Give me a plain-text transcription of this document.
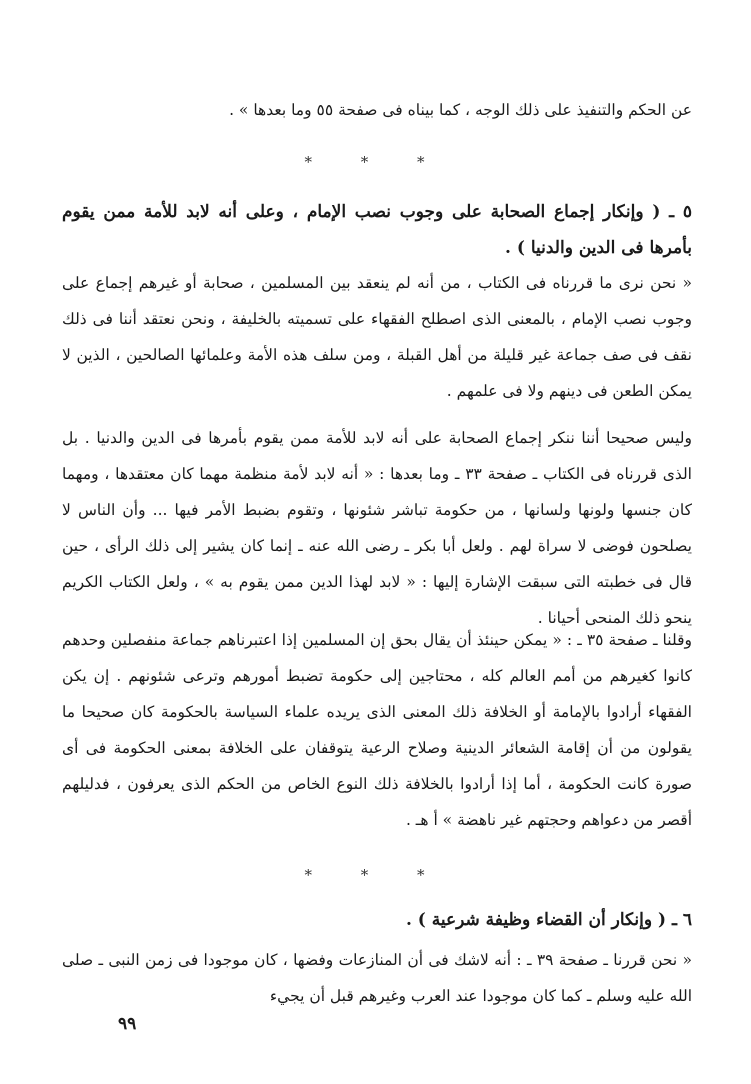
عن الحكم والتنفيذ على ذلك الوجه ، كما بيناه فى صفحة ٥٥ وما بعدها » .
* * *
٥ ـ ( وإنكار إجماع الصحابة على وجوب نصب الإمام ، وعلى أنه لابد للأمة ممن يقوم بأمرها فى الدين والدنيا ) .
« نحن نرى ما قررناه فى الكتاب ، من أنه لم ينعقد بين المسلمين ، صحابة أو غيرهم إجماع على وجوب نصب الإمام ، بالمعنى الذى اصطلح الفقهاء على تسميته بالخليفة ، ونحن نعتقد أننا فى ذلك نقف فى صف جماعة غير قليلة من أهل القبلة ، ومن سلف هذه الأمة وعلمائها الصالحين ، الذين لا يمكن الطعن فى دينهم ولا فى علمهم .
وليس صحيحا أننا ننكر إجماع الصحابة على أنه لابد للأمة ممن يقوم بأمرها فى الدين والدنيا . بل الذى قررناه فى الكتاب ـ صفحة ٣٣ ـ وما بعدها : « أنه لابد لأمة منظمة مهما كان معتقدها ، ومهما كان جنسها ولونها ولسانها ، من حكومة تباشر شئونها ، وتقوم بضبط الأمر فيها ... وأن الناس لا يصلحون فوضى لا سراة لهم . ولعل أبا بكر ـ رضى الله عنه ـ إنما كان يشير إلى ذلك الرأى ، حين قال فى خطبته التى سبقت الإشارة إليها : « لابد لهذا الدين ممن يقوم به » ، ولعل الكتاب الكريم ينحو ذلك المنحى أحيانا .
وقلنا ـ صفحة ٣٥ ـ : « يمكن حينئذ أن يقال بحق إن المسلمين إذا اعتبرناهم جماعة منفصلين وحدهم كانوا كغيرهم من أمم العالم كله ، محتاجين إلى حكومة تضبط أمورهم وترعى شئونهم . إن يكن الفقهاء أرادوا بالإمامة أو الخلافة ذلك المعنى الذى يريده علماء السياسة بالحكومة كان صحيحا ما يقولون من أن إقامة الشعائر الدينية وصلاح الرعية يتوقفان على الخلافة بمعنى الحكومة فى أى صورة كانت الحكومة ، أما إذا أرادوا بالخلافة ذلك النوع الخاص من الحكم الذى يعرفون ، فدليلهم أقصر من دعواهم وحجتهم غير ناهضة » أ هـ .
* * *
٦ ـ ( وإنكار أن القضاء وظيفة شرعية ) .
« نحن قررنا ـ صفحة ٣٩ ـ : أنه لاشك فى أن المنازعات وفضها ، كان موجودا فى زمن النبى ـ صلى الله عليه وسلم ـ كما كان موجودا عند العرب وغيرهم قبل أن يجيء
٩٩
